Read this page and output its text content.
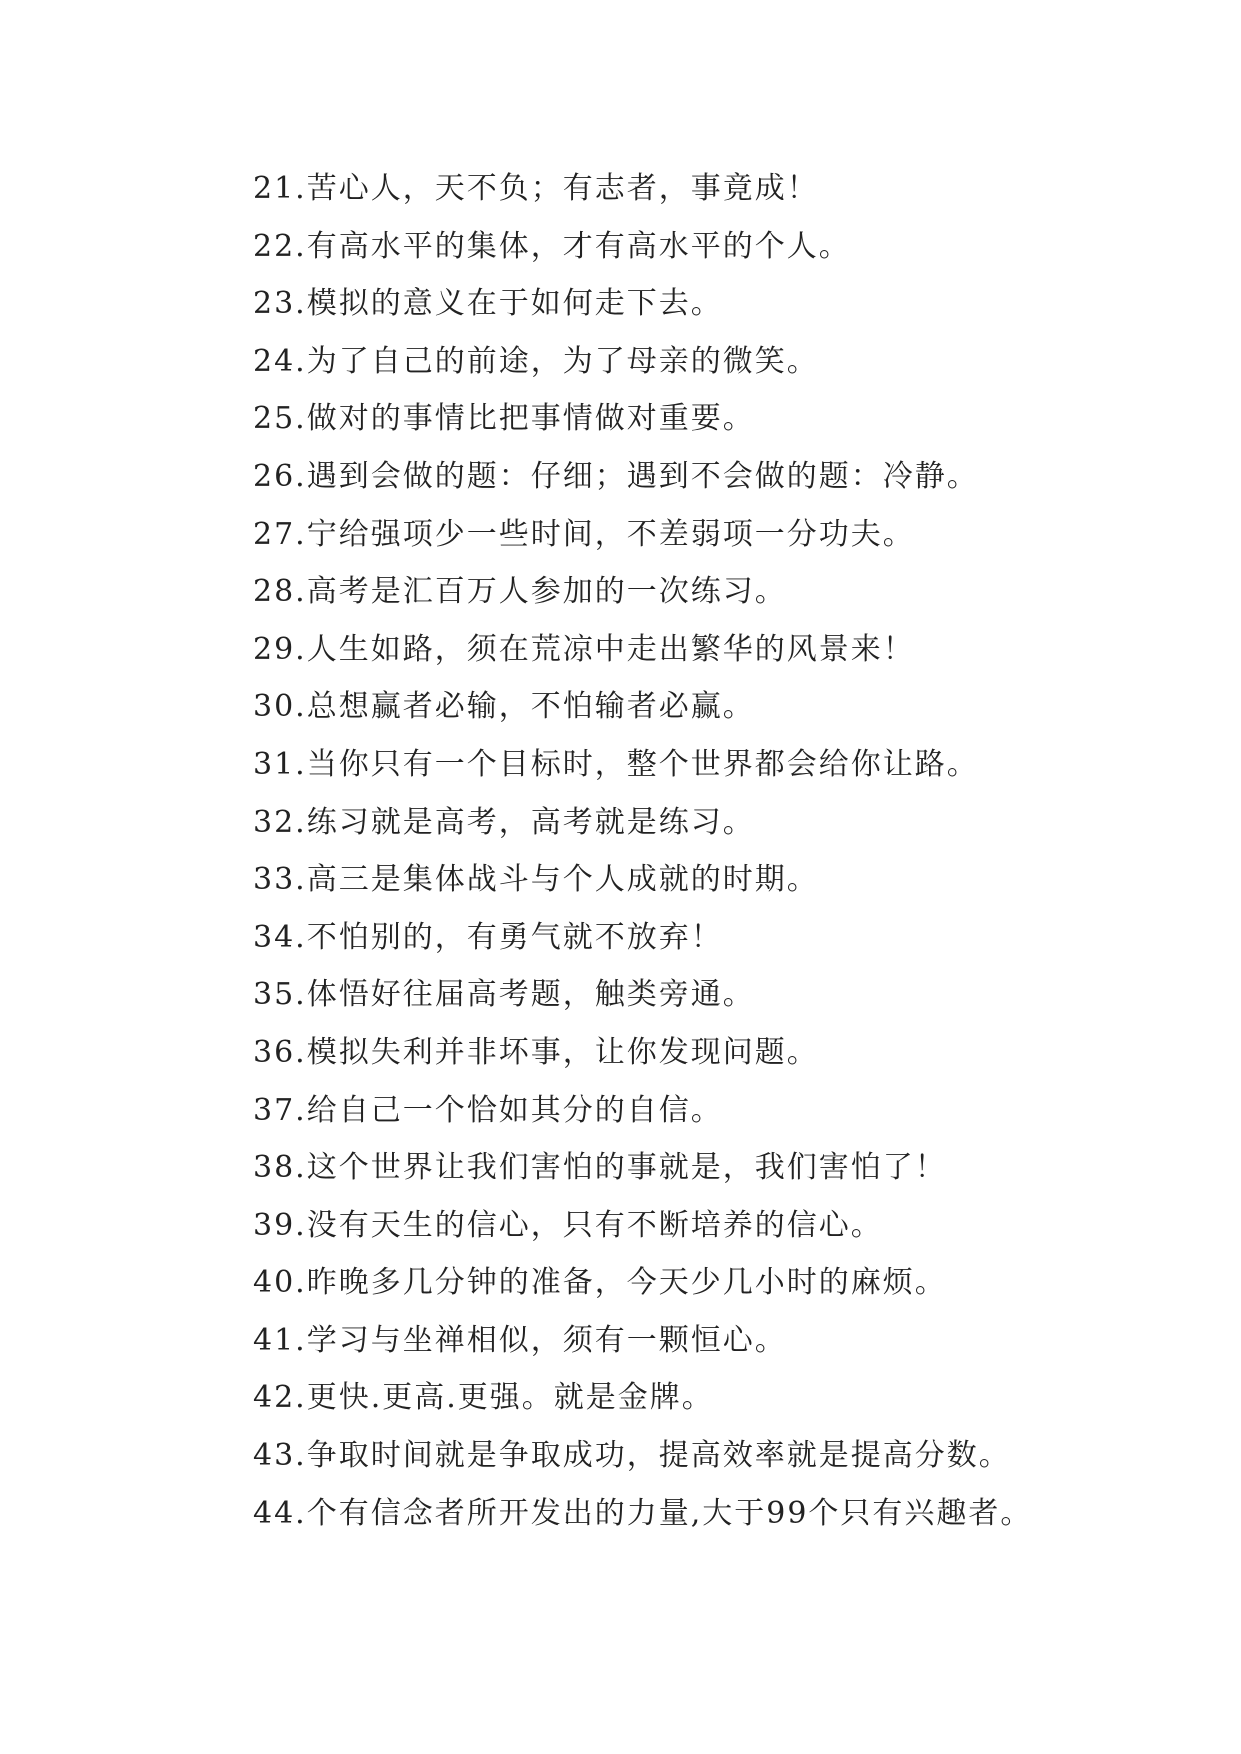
21.苦心人，天不负；有志者，事竟成！
22.有高水平的集体，才有高水平的个人。
23.模拟的意义在于如何走下去。
24.为了自己的前途，为了母亲的微笑。
25.做对的事情比把事情做对重要。
26.遇到会做的题：仔细；遇到不会做的题：冷静。
27.宁给强项少一些时间，不差弱项一分功夫。
28.高考是汇百万人参加的一次练习。
29.人生如路，须在荒凉中走出繁华的风景来！
30.总想赢者必输，不怕输者必赢。
31.当你只有一个目标时，整个世界都会给你让路。
32.练习就是高考，高考就是练习。
33.高三是集体战斗与个人成就的时期。
34.不怕别的，有勇气就不放弃！
35.体悟好往届高考题，触类旁通。
36.模拟失利并非坏事，让你发现问题。
37.给自己一个恰如其分的自信。
38.这个世界让我们害怕的事就是，我们害怕了！
39.没有天生的信心，只有不断培养的信心。
40.昨晚多几分钟的准备，今天少几小时的麻烦。
41.学习与坐禅相似，须有一颗恒心。
42.更快.更高.更强。就是金牌。
43.争取时间就是争取成功，提高效率就是提高分数。
44.个有信念者所开发出的力量,大于99个只有兴趣者。
